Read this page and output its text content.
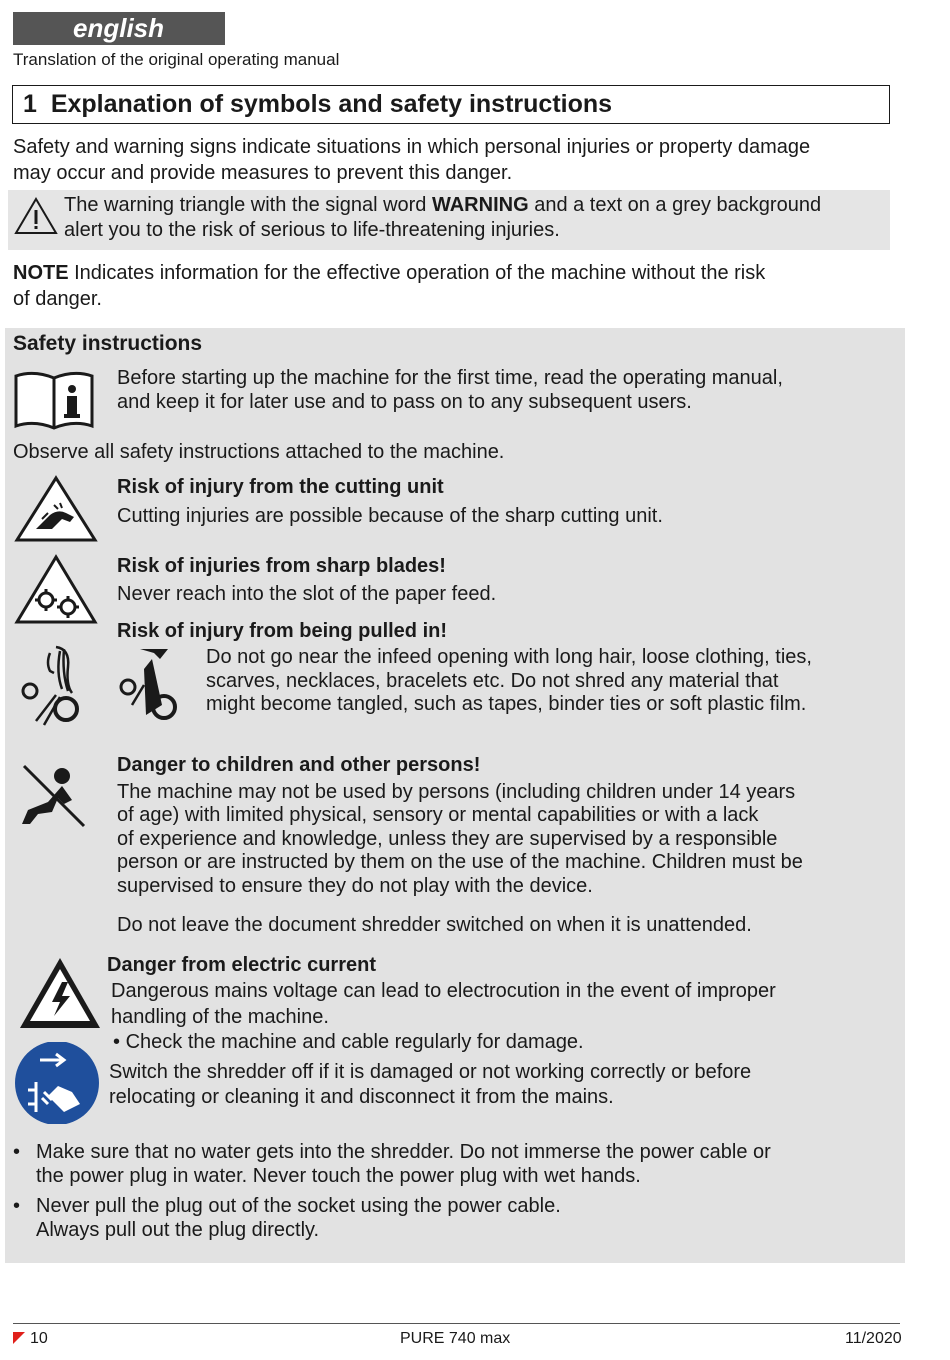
english
Translation of the original operating manual
1 Explanation of symbols and safety instructions
Safety and warning signs indicate situations in which personal injuries or property damage
may occur and provide measures to prevent this danger.
The warning triangle with the signal word WARNING and a text on a grey background
alert you to the risk of serious to life-threatening injuries.
NOTE Indicates information for the effective operation of the machine without the risk
of danger.
Safety instructions
Before starting up the machine for the first time, read the operating manual,
and keep it for later use and to pass on to any subsequent users.
Observe all safety instructions attached to the machine.
Risk of injury from the cutting unit
Cutting injuries are possible because of the sharp cutting unit.
Risk of injuries from sharp blades!
Never reach into the slot of the paper feed.
Risk of injury from being pulled in!
Do not go near the infeed opening with long hair, loose clothing, ties,
scarves, necklaces, bracelets etc. Do not shred any material that
might become tangled, such as tapes, binder ties or soft plastic film.
Danger to children and other persons!
The machine may not be used by persons (including children under 14 years
of age) with limited physical, sensory or mental capabilities or with a lack
of experience and knowledge, unless they are supervised by a responsible
person or are instructed by them on the use of the machine. Children must be
supervised to ensure they do not play with the device.
Do not leave the document shredder switched on when it is unattended.
Danger from electric current
Dangerous mains voltage can lead to electrocution in the event of improper
handling of the machine.
• Check the machine and cable regularly for damage.
Switch the shredder off if it is damaged or not working correctly or before
relocating or cleaning it and disconnect it from the mains.
• Make sure that no water gets into the shredder. Do not immerse the power cable or
the power plug in water. Never touch the power plug with wet hands.
• Never pull the plug out of the socket using the power cable.
Always pull out the plug directly.
10	PURE 740 max	11/2020
